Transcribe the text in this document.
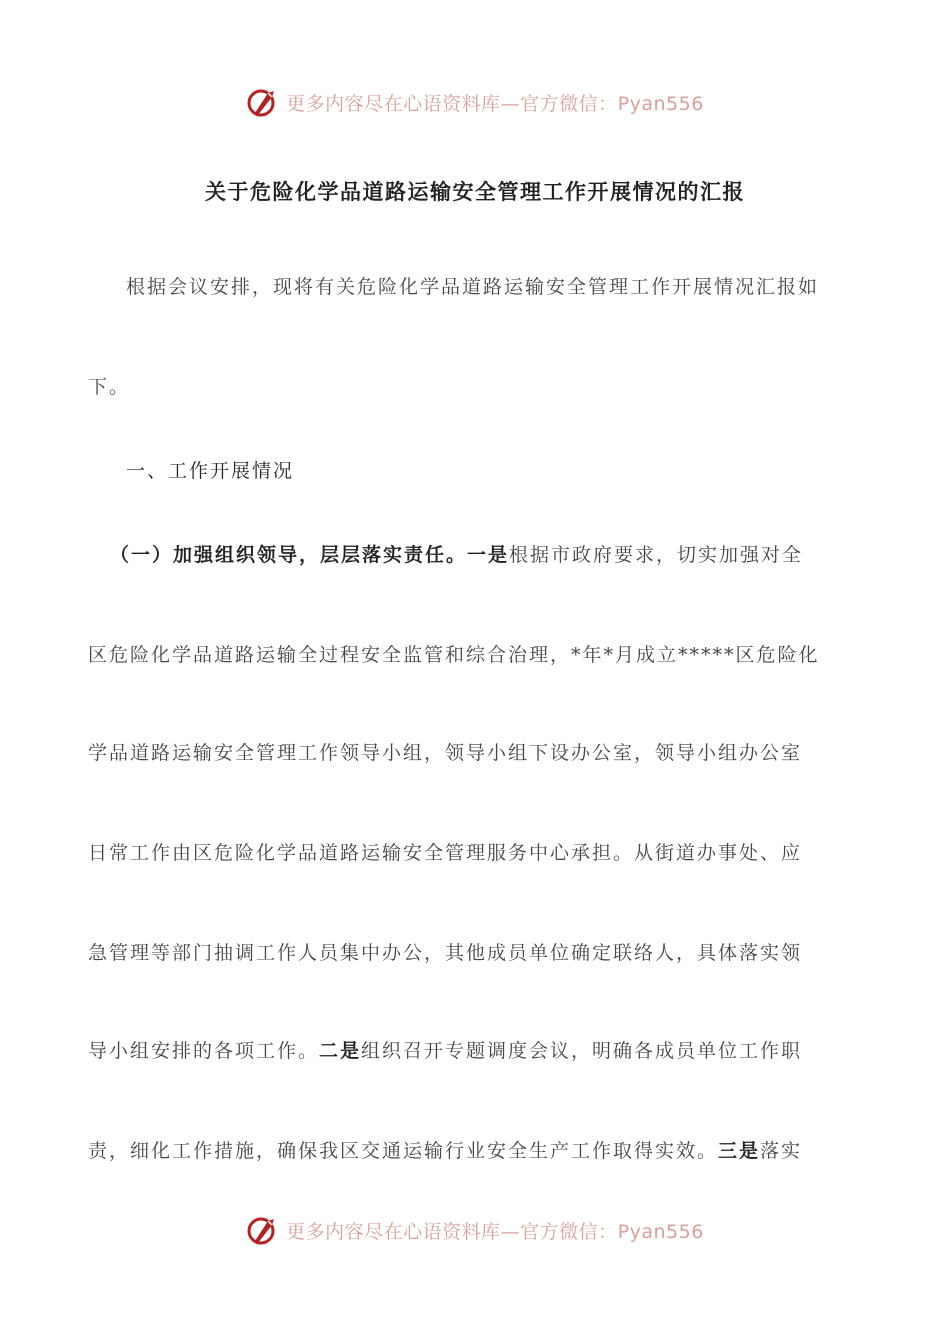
更多内容尽在心语资料库—官方微信：Pyan556
关于危险化学品道路运输安全管理工作开展情况的汇报

根据会议安排，现将有关危险化学品道路运输安全管理工作开展情况汇报如

下。

一、工作开展情况

（一）加强组织领导，层层落实责任。一是根据市政府要求，切实加强对全

区危险化学品道路运输全过程安全监管和综合治理，*年*月成立*****区危险化

学品道路运输安全管理工作领导小组，领导小组下设办公室，领导小组办公室

日常工作由区危险化学品道路运输安全管理服务中心承担。从街道办事处、应

急管理等部门抽调工作人员集中办公，其他成员单位确定联络人，具体落实领

导小组安排的各项工作。二是组织召开专题调度会议，明确各成员单位工作职

责，细化工作措施，确保我区交通运输行业安全生产工作取得实效。三是落实

更多内容尽在心语资料库—官方微信：Pyan556
